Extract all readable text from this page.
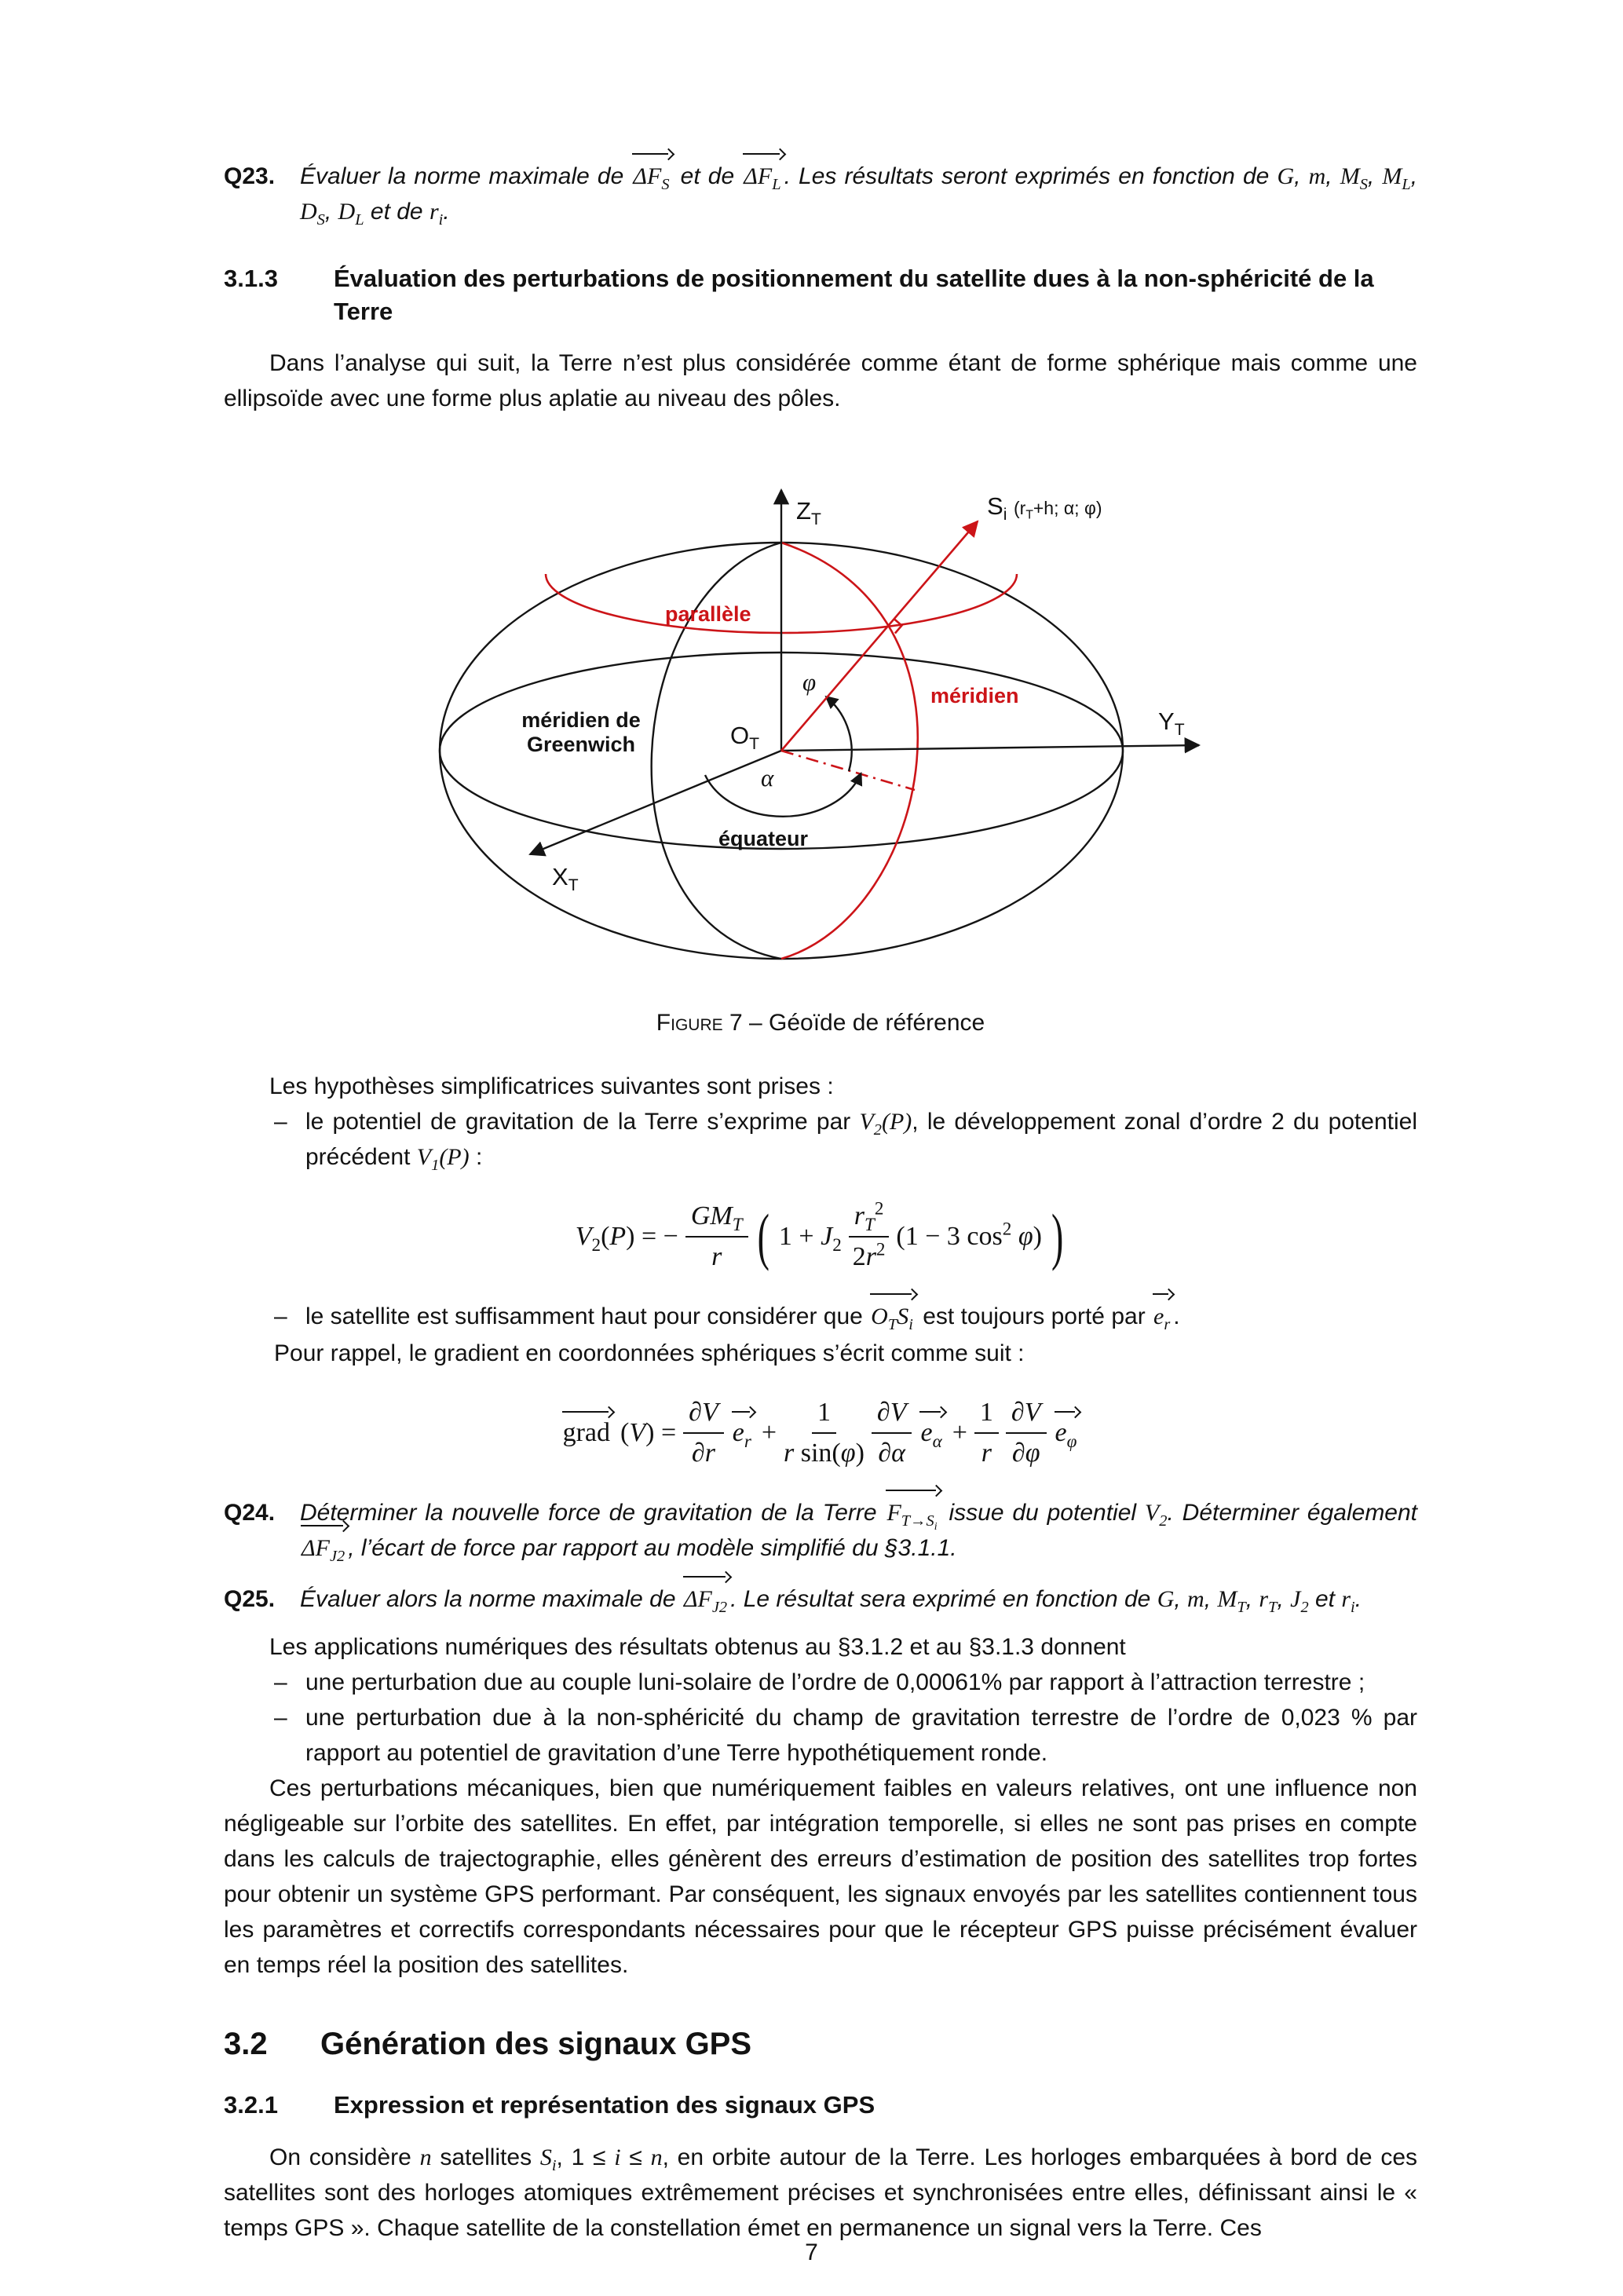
Q23.	Évaluer la norme maximale de $\Delta F_S$ et de $\Delta F_L$ . Les résultats seront exprimés en fonction de G, m, $M_S$, $M_L$, $D_S$, $D_L$ et de $r_i$.
3.1.3	Évaluation des perturbations de positionnement du satellite dues à la non-sphéricité de la Terre

Dans l’analyse qui suit, la Terre n’est plus considérée comme étant de forme sphérique mais comme une ellipsoïde avec une forme plus aplatie au niveau des pôles.

$Z_T$	$S_i$ ($r_T+h$; α; φ)
parallèle
φ	méridien
méridien de
Greenwich	$O_T$
$Y_T$
α
équateur
$X_T$
Figure 7 – Géoïde de référence

Les hypothèses simplificatrices suivantes sont prises :

– le potentiel de gravitation de la Terre s’exprime par $V_2(P)$, le développement zonal d’ordre 2 du potentiel précédent $V_1(P)$ :
$V_2(P)$ = − $\frac{GM_T}{r}$ ( $1 + J_2 \frac{r_T^2}{2r^2} (1 - 3$ $\cos^2 \varphi$) )
– le satellite est suffisamment haut pour considérer que $O_TS_i$ est toujours porté par $e_r$ .

Pour rappel, le gradient en coordonnées sphériques s’écrit comme suit :

grad $(V) = \frac{\partial V}{\partial r} e_r + \frac{1}{\text{r sin(φ)}} \frac{\partial V}{\partial\alpha} e_\alpha + \frac{1}{r} \frac{\partial V}{\partial\varphi} e_\varphi$
Q24.	Déterminer la nouvelle force de gravitation de la Terre $F_{T\to S_i}$ issue du potentiel $V_2$. Déterminer également $\Delta F_{J2}$ , l’écart de force par rapport au modèle simplifié du §3.1.1.
Q25.	Évaluer alors la norme maximale de $\Delta F_{J2}$ . Le résultat sera exprimé en fonction de G, m, $M_T$, $r_T$, $J_2$ et $r_i$.

Les applications numériques des résultats obtenus au §3.1.2 et au §3.1.3 donnent

– une perturbation due au couple luni-solaire de l’ordre de 0,00061% par rapport à l’attraction terrestre ;
– une perturbation due à la non-sphéricité du champ de gravitation terrestre de l’ordre de 0,023 % par rapport au potentiel de gravitation d’une Terre hypothétiquement ronde.

Ces perturbations mécaniques, bien que numériquement faibles en valeurs relatives, ont une influence non négligeable sur l’orbite des satellites. En effet, par intégration temporelle, si elles ne sont pas prises en compte dans les calculs de trajectographie, elles génèrent des erreurs d’estimation de position des satellites trop fortes pour obtenir un système GPS performant. Par conséquent, les signaux envoyés par les satellites contiennent tous les paramètres et correctifs correspondants nécessaires pour que le récepteur GPS puisse précisément évaluer en temps réel la position des satellites.

3.2	Génération des signaux GPS
3.2.1	Expression et représentation des signaux GPS

On considère n satellites $S_i$, 1 ≤ i ≤ n, en orbite autour de la Terre. Les horloges embarquées à bord de ces satellites sont des horloges atomiques extrêmement précises et synchronisées entre elles, définissant ainsi le « temps GPS ». Chaque satellite de la constellation émet en permanence un signal vers la Terre. Ces

7
